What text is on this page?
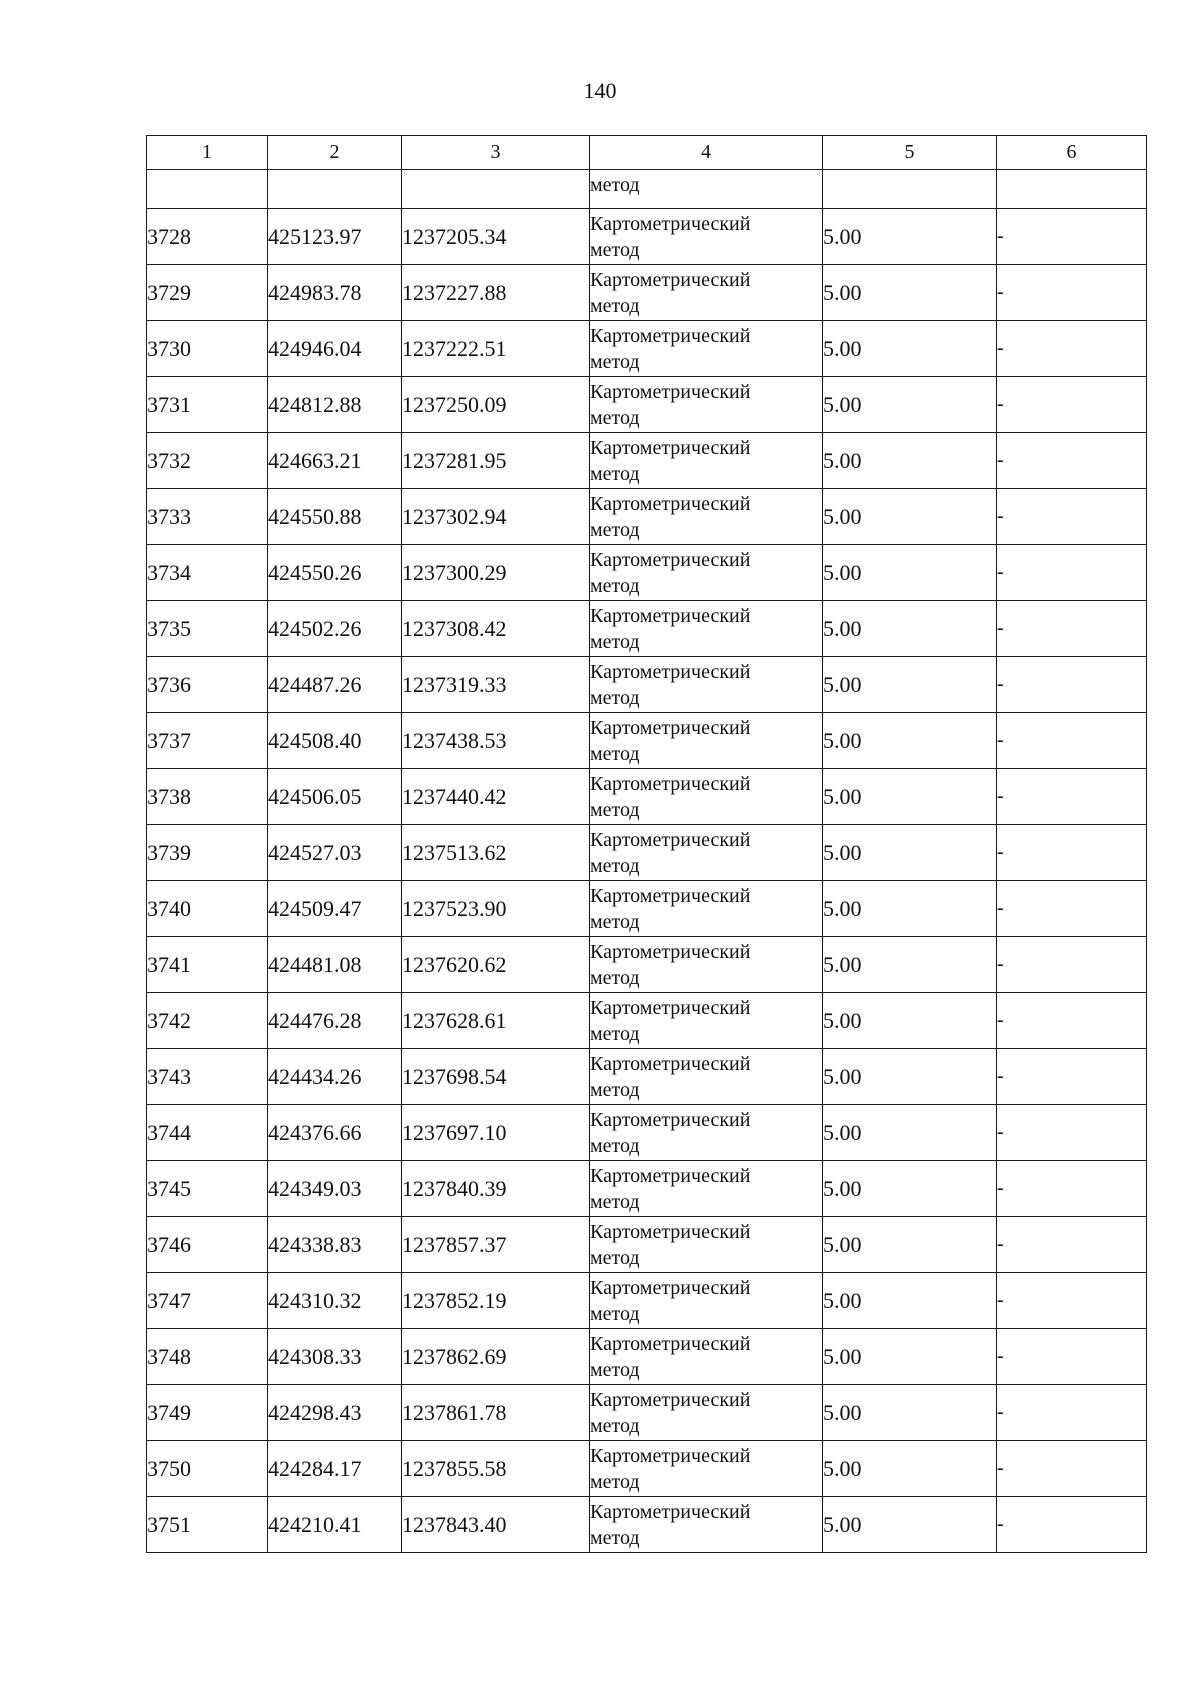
140
1	2	3	4	5	6
			метод		
3728	425123.97	1237205.34	Картометрический
метод	5.00	-
3729	424983.78	1237227.88	Картометрический
метод	5.00	-
3730	424946.04	1237222.51	Картометрический
метод	5.00	-
3731	424812.88	1237250.09	Картометрический
метод	5.00	-
3732	424663.21	1237281.95	Картометрический
метод	5.00	-
3733	424550.88	1237302.94	Картометрический
метод	5.00	-
3734	424550.26	1237300.29	Картометрический
метод	5.00	-
3735	424502.26	1237308.42	Картометрический
метод	5.00	-
3736	424487.26	1237319.33	Картометрический
метод	5.00	-
3737	424508.40	1237438.53	Картометрический
метод	5.00	-
3738	424506.05	1237440.42	Картометрический
метод	5.00	-
3739	424527.03	1237513.62	Картометрический
метод	5.00	-
3740	424509.47	1237523.90	Картометрический
метод	5.00	-
3741	424481.08	1237620.62	Картометрический
метод	5.00	-
3742	424476.28	1237628.61	Картометрический
метод	5.00	-
3743	424434.26	1237698.54	Картометрический
метод	5.00	-
3744	424376.66	1237697.10	Картометрический
метод	5.00	-
3745	424349.03	1237840.39	Картометрический
метод	5.00	-
3746	424338.83	1237857.37	Картометрический
метод	5.00	-
3747	424310.32	1237852.19	Картометрический
метод	5.00	-
3748	424308.33	1237862.69	Картометрический
метод	5.00	-
3749	424298.43	1237861.78	Картометрический
метод	5.00	-
3750	424284.17	1237855.58	Картометрический
метод	5.00	-
3751	424210.41	1237843.40	Картометрический
метод	5.00	-
